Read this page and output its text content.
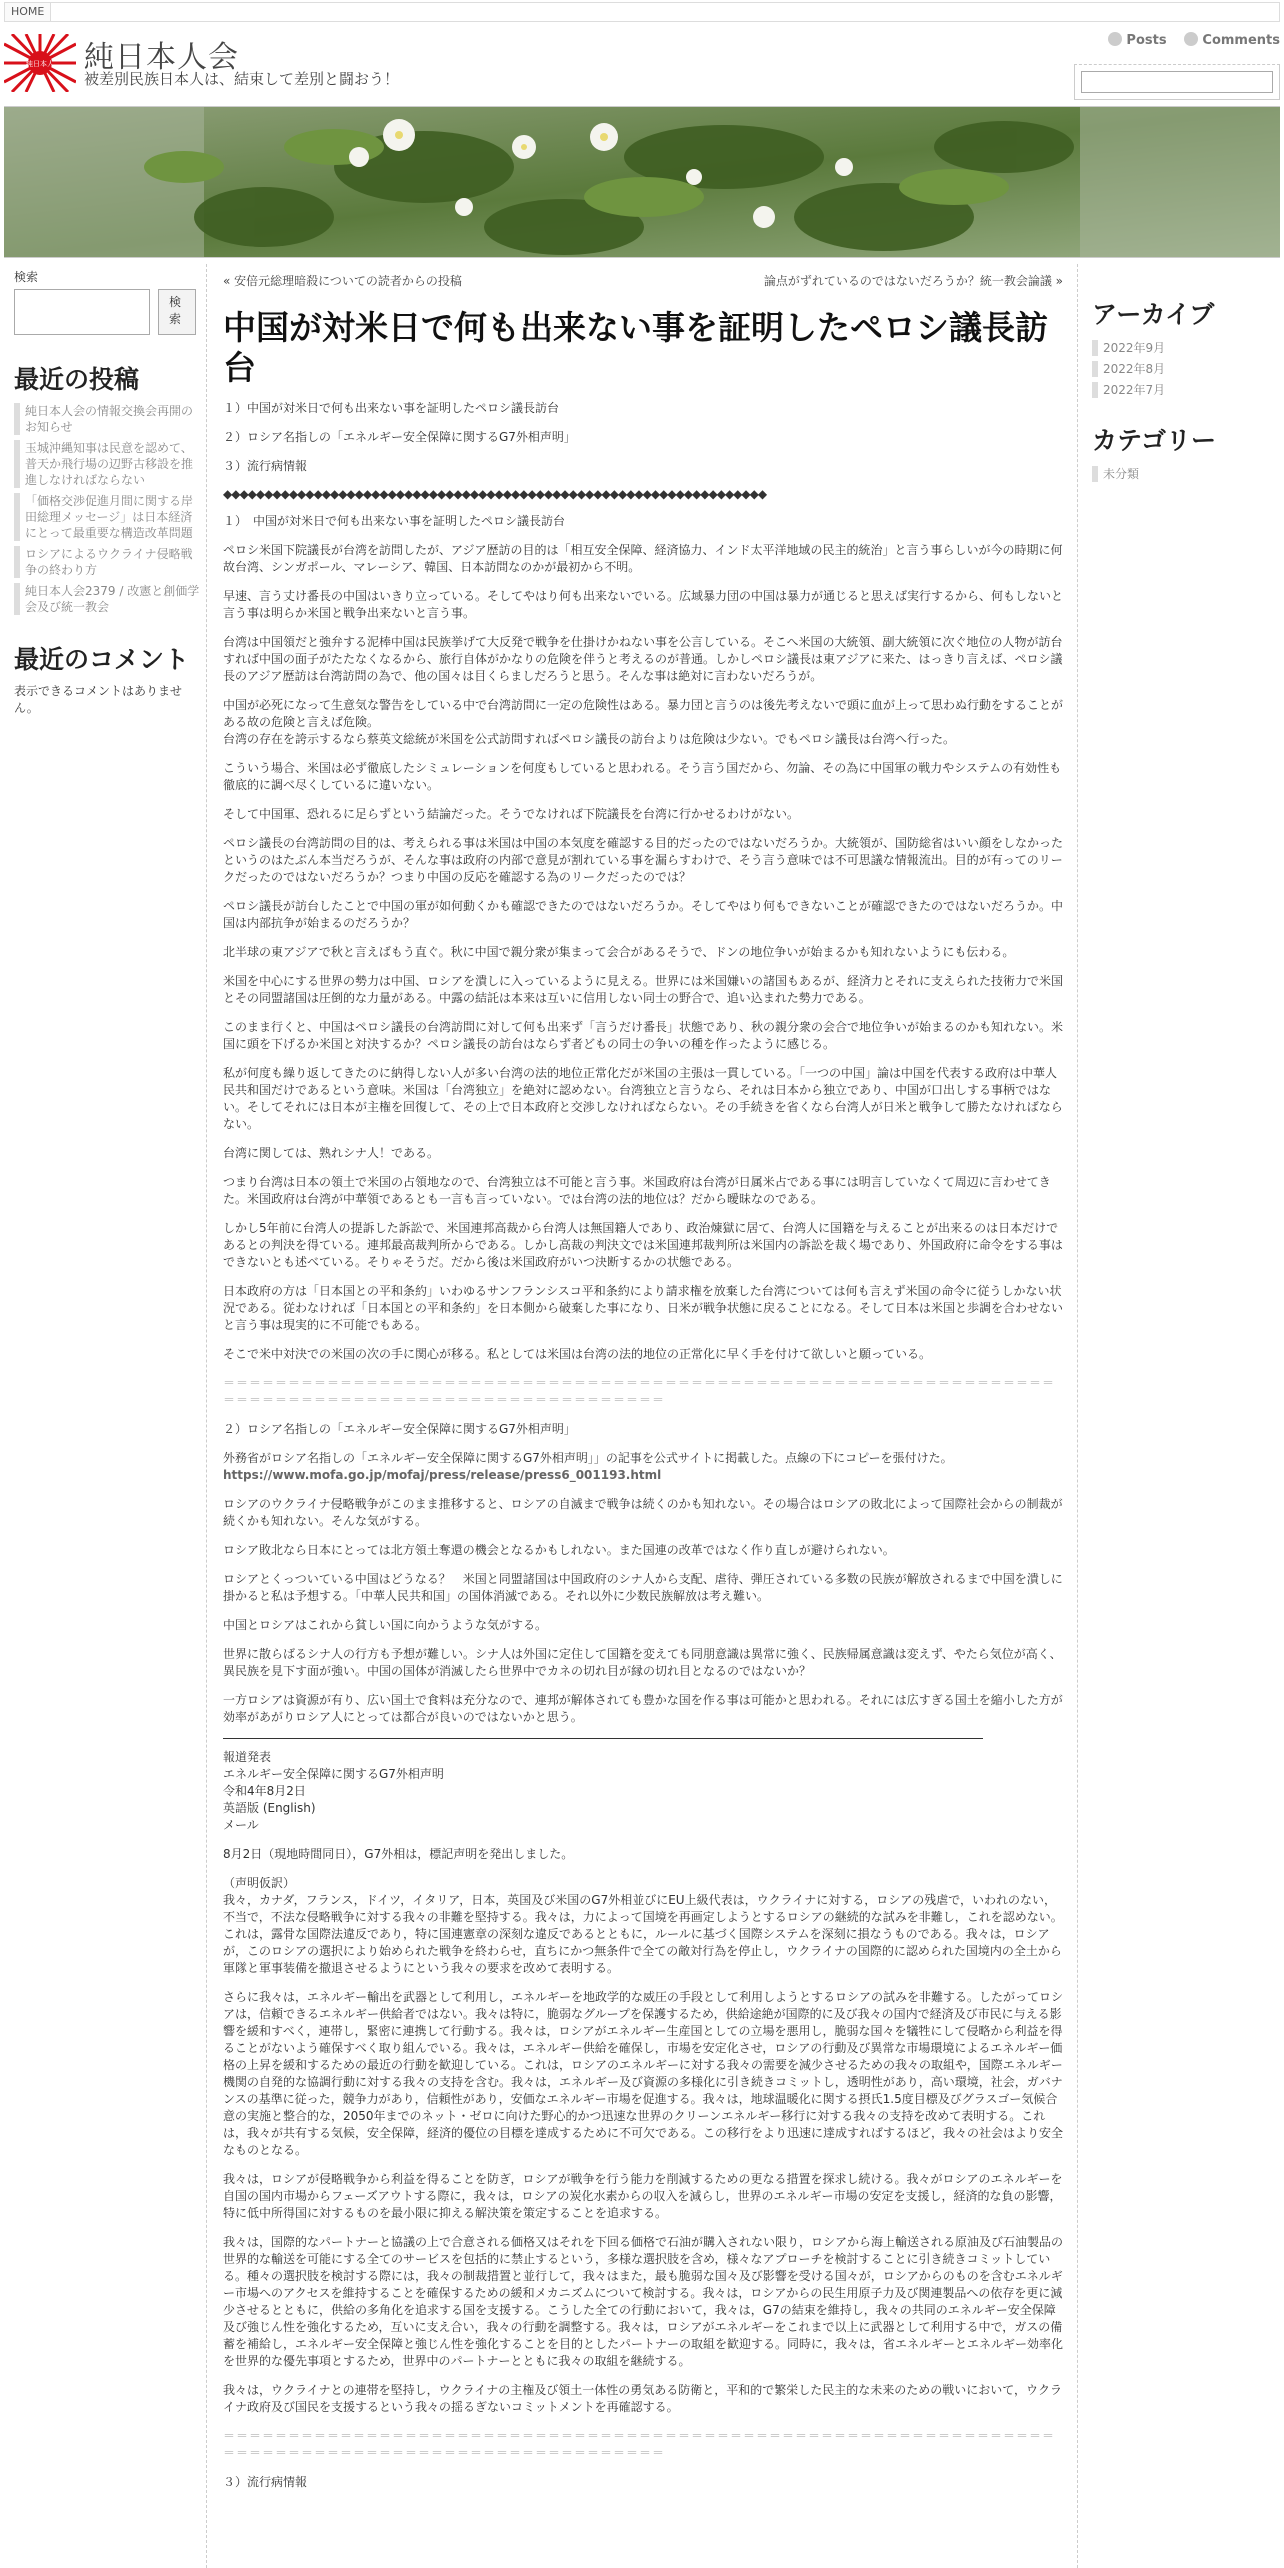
HOME
純日本人 純日本人会
被差別民族日本人は、結束して差別と闘おう！
Posts	Comments
検索
検索
最近の投稿
純日本人会の情報交換会再開のお知らせ
玉城沖縄知事は民意を認めて、普天か飛行場の辺野古移設を推進しなければならない
「価格交渉促進月間に関する岸田総理メッセージ」は日本経済にとって最重要な構造改革問題
ロシアによるウクライナ侵略戦争の終わり方
純日本人会2379 / 改憲と創価学会及び統一教会
最近のコメント
表示できるコメントはありません。
« 安倍元総理暗殺についての読者からの投稿	論点がずれているのではないだろうか？統一教会論議 »
中国が対米日で何も出来ない事を証明したペロシ議長訪台

１）中国が対米日で何も出来ない事を証明したペロシ議長訪台

２）ロシア名指しの「エネルギー安全保障に関するG7外相声明」

３）流行病情報

◆◆◆◆◆◆◆◆◆◆◆◆◆◆◆◆◆◆◆◆◆◆◆◆◆◆◆◆◆◆◆◆◆◆◆◆◆◆◆◆◆◆◆◆◆◆◆◆◆◆◆◆◆◆◆◆◆◆◆◆◆◆◆◆◆◆

１）　中国が対米日で何も出来ない事を証明したペロシ議長訪台

ペロシ米国下院議長が台湾を訪問したが、アジア歴訪の目的は「相互安全保障、経済協力、インド太平洋地域の民主的統治」と言う事らしいが今の時期に何故台湾、シンガポール、マレーシア、韓国、日本訪問なのかが最初から不明。

早速、言う丈け番長の中国はいきり立っている。そしてやはり何も出来ないでいる。広域暴力団の中国は暴力が通じると思えば実行するから、何もしないと言う事は明らか米国と戦争出来ないと言う事。

台湾は中国領だと強弁する泥棒中国は民族挙げて大反発で戦争を仕掛けかねない事を公言している。そこへ米国の大統領、副大統領に次ぐ地位の人物が訪台すれば中国の面子がたたなくなるから、旅行自体がかなりの危険を伴うと考えるのが普通。しかしペロシ議長は東アジアに来た、はっきり言えば、ペロシ議長のアジア歴訪は台湾訪問の為で、他の国々は目くらましだろうと思う。そんな事は絶対に言わないだろうが。

中国が必死になって生意気な警告をしている中で台湾訪問に一定の危険性はある。暴力団と言うのは後先考えないで頭に血が上って思わぬ行動をすることがある故の危険と言えば危険。
台湾の存在を誇示するなら蔡英文総統が米国を公式訪問すればペロシ議長の訪台よりは危険は少ない。でもペロシ議長は台湾へ行った。

こういう場合、米国は必ず徹底したシミュレーションを何度もしていると思われる。そう言う国だから、勿論、その為に中国軍の戦力やシステムの有効性も徹底的に調べ尽くしているに違いない。

そして中国軍、恐れるに足らずという結論だった。そうでなければ下院議長を台湾に行かせるわけがない。

ペロシ議長の台湾訪問の目的は、考えられる事は米国は中国の本気度を確認する目的だったのではないだろうか。大統領が、国防総省はいい顔をしなかったというのはたぶん本当だろうが、そんな事は政府の内部で意見が割れている事を漏らすわけで、そう言う意味では不可思議な情報流出。目的が有ってのリークだったのではないだろうか？つまり中国の反応を確認する為のリークだったのでは？

ペロシ議長が訪台したことで中国の軍が如何動くかも確認できたのではないだろうか。そしてやはり何もできないことが確認できたのではないだろうか。中国は内部抗争が始まるのだろうか？

北半球の東アジアで秋と言えばもう直ぐ。秋に中国で親分衆が集まって会合があるそうで、ドンの地位争いが始まるかも知れないようにも伝わる。

米国を中心にする世界の勢力は中国、ロシアを潰しに入っているように見える。世界には米国嫌いの諸国もあるが、経済力とそれに支えられた技術力で米国とその同盟諸国は圧倒的な力量がある。中露の結託は本来は互いに信用しない同士の野合で、追い込まれた勢力である。

このまま行くと、中国はペロシ議長の台湾訪問に対して何も出来ず「言うだけ番長」状態であり、秋の親分衆の会合で地位争いが始まるのかも知れない。米国に頭を下げるか米国と対決するか？ペロシ議長の訪台はならず者どもの同士の争いの種を作ったように感じる。

私が何度も繰り返してきたのに納得しない人が多い台湾の法的地位正常化だが米国の主張は一貫している。「一つの中国」論は中国を代表する政府は中華人民共和国だけであるという意味。米国は「台湾独立」を絶対に認めない。台湾独立と言うなら、それは日本から独立であり、中国が口出しする事柄ではない。そしてそれには日本が主権を回復して、その上で日本政府と交渉しなければならない。その手続きを省くなら台湾人が日米と戦争して勝たなければならない。

台湾に関しては、熟れシナ人！である。

つまり台湾は日本の領土で米国の占領地なので、台湾独立は不可能と言う事。米国政府は台湾が日属米占である事には明言していなくて周辺に言わせてきた。米国政府は台湾が中華領であるとも一言も言っていない。では台湾の法的地位は？だから曖昧なのである。

しかし5年前に台湾人の提訴した訴訟で、米国連邦高裁から台湾人は無国籍人であり、政治煉獄に居て、台湾人に国籍を与えることが出来るのは日本だけであるとの判決を得ている。連邦最高裁判所からである。しかし高裁の判決文では米国連邦裁判所は米国内の訴訟を裁く場であり、外国政府に命令をする事はできないとも述べている。そりゃそうだ。だから後は米国政府がいつ決断するかの状態である。

日本政府の方は「日本国との平和条約」いわゆるサンフランシスコ平和条約により請求権を放棄した台湾については何も言えず米国の命令に従うしかない状況である。従わなければ「日本国との平和条約」を日本側から破棄した事になり、日米が戦争状態に戻ることになる。そして日本は米国と歩調を合わせないと言う事は現実的に不可能でもある。

そこで米中対決での米国の次の手に関心が移る。私としては米国は台湾の法的地位の正常化に早く手を付けて欲しいと願っている。

＝＝＝＝＝＝＝＝＝＝＝＝＝＝＝＝＝＝＝＝＝＝＝＝＝＝＝＝＝＝＝＝＝＝＝＝＝＝＝＝＝＝＝＝＝＝＝＝＝＝＝＝＝＝＝＝＝＝＝＝＝＝＝＝＝＝＝＝＝＝＝＝＝＝＝＝＝＝＝＝＝＝＝＝＝＝＝＝＝＝＝＝＝＝＝＝＝＝

２）ロシア名指しの「エネルギー安全保障に関するG7外相声明」

外務省がロシア名指しの「エネルギー安全保障に関するG7外相声明」」の記事を公式サイトに掲載した。点線の下にコピーを張付けた。
https://www.mofa.go.jp/mofaj/press/release/press6_001193.html

ロシアのウクライナ侵略戦争がこのまま推移すると、ロシアの自滅まで戦争は続くのかも知れない。その場合はロシアの敗北によって国際社会からの制裁が続くかも知れない。そんな気がする。

ロシア敗北なら日本にとっては北方領土奪還の機会となるかもしれない。また国連の改革ではなく作り直しが避けられない。

ロシアとくっついている中国はどうなる？　米国と同盟諸国は中国政府のシナ人から支配、虐待、弾圧されている多数の民族が解放されるまで中国を潰しに掛かると私は予想する。「中華人民共和国」の国体消滅である。それ以外に少数民族解放は考え難い。

中国とロシアはこれから貧しい国に向かうような気がする。

世界に散らばるシナ人の行方も予想が難しい。シナ人は外国に定住して国籍を変えても同朋意識は異常に強く、民族帰属意識は変えず、やたら気位が高く、異民族を見下す面が強い。中国の国体が消滅したら世界中でカネの切れ目が縁の切れ目となるのではないか？

一方ロシアは資源が有り、広い国土で食料は充分なので、連邦が解体されても豊かな国を作る事は可能かと思われる。それには広すぎる国土を縮小した方が効率があがりロシア人にとっては都合が良いのではないかと思う。

報道発表
エネルギー安全保障に関するG7外相声明
令和4年8月2日
英語版 (English)
メール

8月2日（現地時間同日），G7外相は，標記声明を発出しました。

（声明仮訳）
我々，カナダ，フランス，ドイツ，イタリア，日本，英国及び米国のG7外相並びにEU上級代表は，ウクライナに対する，ロシアの残虐で，いわれのない，不当で，不法な侵略戦争に対する我々の非難を堅持する。我々は，力によって国境を再画定しようとするロシアの継続的な試みを非難し，これを認めない。これは，露骨な国際法違反であり，特に国連憲章の深刻な違反であるとともに，ルールに基づく国際システムを深刻に損なうものである。我々は，ロシアが，このロシアの選択により始められた戦争を終わらせ，直ちにかつ無条件で全ての敵対行為を停止し，ウクライナの国際的に認められた国境内の全土から軍隊と軍事装備を撤退させるようにという我々の要求を改めて表明する。

さらに我々は，エネルギー輸出を武器として利用し，エネルギーを地政学的な威圧の手段として利用しようとするロシアの試みを非難する。したがってロシアは，信頼できるエネルギー供給者ではない。我々は特に，脆弱なグループを保護するため，供給途絶が国際的に及び我々の国内で経済及び市民に与える影響を緩和すべく，連帯し，緊密に連携して行動する。我々は，ロシアがエネルギー生産国としての立場を悪用し，脆弱な国々を犠牲にして侵略から利益を得ることがないよう確保すべく取り組んでいる。我々は，エネルギー供給を確保し，市場を安定化させ，ロシアの行動及び異常な市場環境によるエネルギー価格の上昇を緩和するための最近の行動を歓迎している。これは，ロシアのエネルギーに対する我々の需要を減少させるための我々の取組や，国際エネルギー機関の自発的な協調行動に対する我々の支持を含む。我々は，エネルギー及び資源の多様化に引き続きコミットし，透明性があり，高い環境，社会，ガバナンスの基準に従った，競争力があり，信頼性があり，安価なエネルギー市場を促進する。我々は，地球温暖化に関する摂氏1.5度目標及びグラスゴー気候合意の実施と整合的な，2050年までのネット・ゼロに向けた野心的かつ迅速な世界のクリーンエネルギー移行に対する我々の支持を改めて表明する。これは，我々が共有する気候，安全保障，経済的優位の目標を達成するために不可欠である。この移行をより迅速に達成すればするほど，我々の社会はより安全なものとなる。

我々は，ロシアが侵略戦争から利益を得ることを防ぎ，ロシアが戦争を行う能力を削減するための更なる措置を探求し続ける。我々がロシアのエネルギーを自国の国内市場からフェーズアウトする際に，我々は，ロシアの炭化水素からの収入を減らし，世界のエネルギー市場の安定を支援し，経済的な負の影響，特に低中所得国に対するものを最小限に抑える解決策を策定することを追求する。

我々は，国際的なパートナーと協議の上で合意される価格又はそれを下回る価格で石油が購入されない限り，ロシアから海上輸送される原油及び石油製品の世界的な輸送を可能にする全てのサービスを包括的に禁止するという，多様な選択肢を含め，様々なアプローチを検討することに引き続きコミットしている。種々の選択肢を検討する際には，我々の制裁措置と並行して，我々はまた，最も脆弱な国々及び影響を受ける国々が，ロシアからのものを含むエネルギー市場へのアクセスを維持することを確保するための緩和メカニズムについて検討する。我々は，ロシアからの民生用原子力及び関連製品への依存を更に減少させるとともに，供給の多角化を追求する国を支援する。こうした全ての行動において，我々は，G7の結束を維持し，我々の共同のエネルギー安全保障及び強じん性を強化するため，互いに支え合い，我々の行動を調整する。我々は，ロシアがエネルギーをこれまで以上に武器として利用する中で，ガスの備蓄を補給し，エネルギー安全保障と強じん性を強化することを目的としたパートナーの取組を歓迎する。同時に，我々は，省エネルギーとエネルギー効率化を世界的な優先事項とするため，世界中のパートナーとともに我々の取組を継続する。

我々は，ウクライナとの連帯を堅持し，ウクライナの主権及び領土一体性の勇気ある防衛と，平和的で繁栄した民主的な未来のための戦いにおいて，ウクライナ政府及び国民を支援するという我々の揺るぎないコミットメントを再確認する。

＝＝＝＝＝＝＝＝＝＝＝＝＝＝＝＝＝＝＝＝＝＝＝＝＝＝＝＝＝＝＝＝＝＝＝＝＝＝＝＝＝＝＝＝＝＝＝＝＝＝＝＝＝＝＝＝＝＝＝＝＝＝＝＝＝＝＝＝＝＝＝＝＝＝＝＝＝＝＝＝＝＝＝＝＝＝＝＝＝＝＝＝＝＝＝＝＝＝

３）流行病情報

アーカイブ
2022年9月
2022年8月
2022年7月
カテゴリー
未分類
